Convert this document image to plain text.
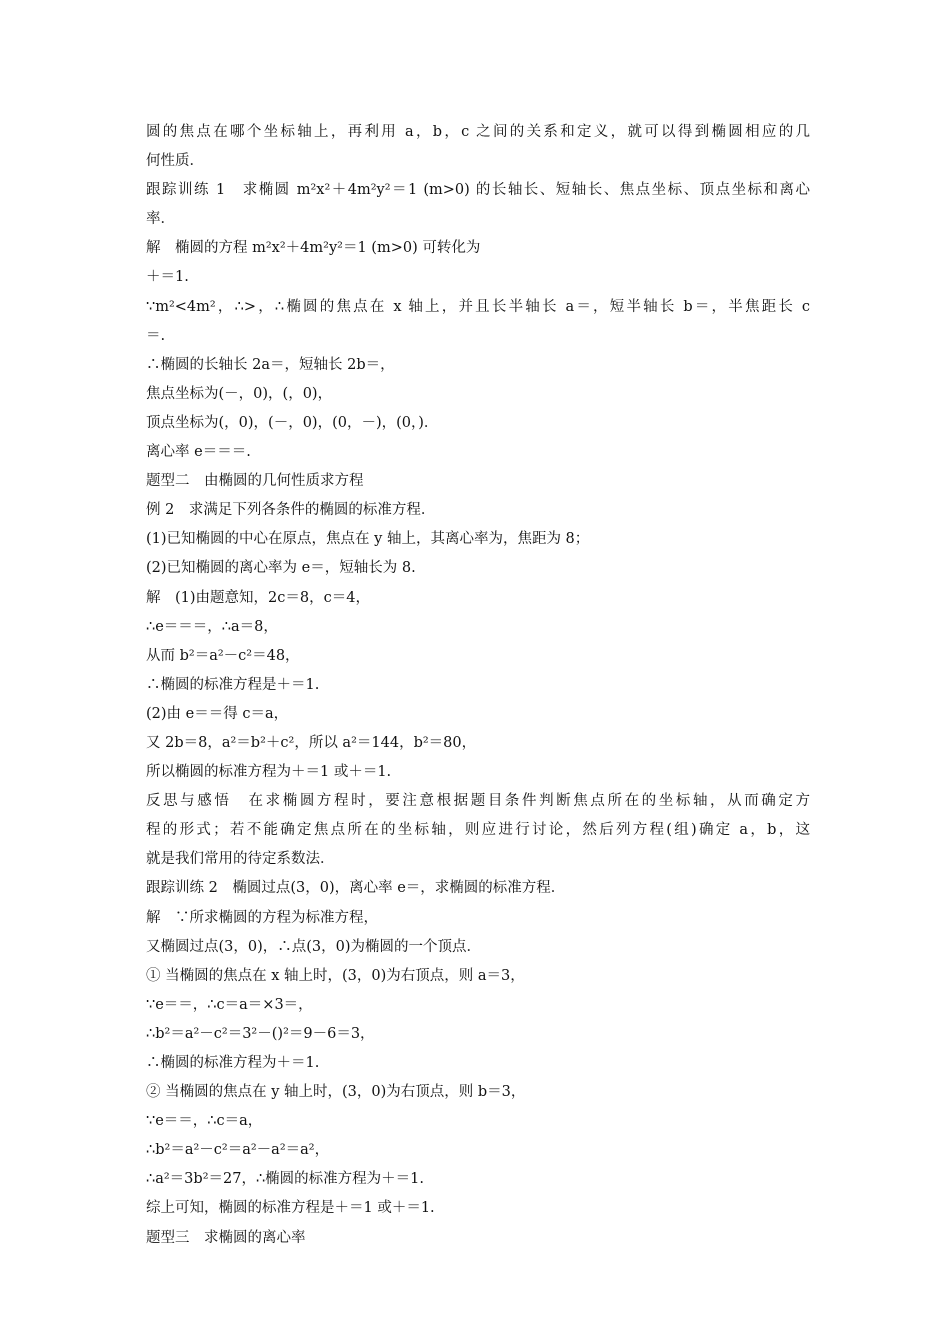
圆的焦点在哪个坐标轴上，再利用 a，b，c 之间的关系和定义，就可以得到椭圆相应的几
何性质．
跟踪训练 1　求椭圆 m²x²＋4m²y²＝1 (m>0) 的长轴长、短轴长、焦点坐标、顶点坐标和离心
率．
解　椭圆的方程 m²x²＋4m²y²＝1 (m>0) 可转化为
＋＝1.
∵m²<4m²，∴>，∴椭圆的焦点在 x 轴上，并且长半轴长 a＝，短半轴长 b＝，半焦距长 c
＝.
∴椭圆的长轴长 2a＝，短轴长 2b＝，
焦点坐标为(－，0)，(，0)，
顶点坐标为(，0)，(－，0)，(0，－)，(0，)．
离心率 e＝＝＝.
题型二　由椭圆的几何性质求方程
例 2　求满足下列各条件的椭圆的标准方程．
(1)已知椭圆的中心在原点，焦点在 y 轴上，其离心率为，焦距为 8；
(2)已知椭圆的离心率为 e＝，短轴长为 8.
解　(1)由题意知，2c＝8，c＝4，
∴e＝＝＝，∴a＝8，
从而 b²＝a²－c²＝48，
∴椭圆的标准方程是＋＝1.
(2)由 e＝＝得 c＝a，
又 2b＝8，a²＝b²＋c²，所以 a²＝144，b²＝80，
所以椭圆的标准方程为＋＝1 或＋＝1.
反思与感悟　在求椭圆方程时，要注意根据题目条件判断焦点所在的坐标轴，从而确定方
程的形式；若不能确定焦点所在的坐标轴，则应进行讨论，然后列方程(组)确定 a，b，这
就是我们常用的待定系数法．
跟踪训练 2　椭圆过点(3，0)，离心率 e＝，求椭圆的标准方程．
解　∵所求椭圆的方程为标准方程，
又椭圆过点(3，0)，∴点(3，0)为椭圆的一个顶点．
① 当椭圆的焦点在 x 轴上时，(3，0)为右顶点，则 a＝3，
∵e＝＝，∴c＝a＝×3＝，
∴b²＝a²－c²＝3²－()²＝9－6＝3，
∴椭圆的标准方程为＋＝1.
② 当椭圆的焦点在 y 轴上时，(3，0)为右顶点，则 b＝3，
∵e＝＝，∴c＝a，
∴b²＝a²－c²＝a²－a²＝a²，
∴a²＝3b²＝27，∴椭圆的标准方程为＋＝1.
综上可知，椭圆的标准方程是＋＝1 或＋＝1.
题型三　求椭圆的离心率
